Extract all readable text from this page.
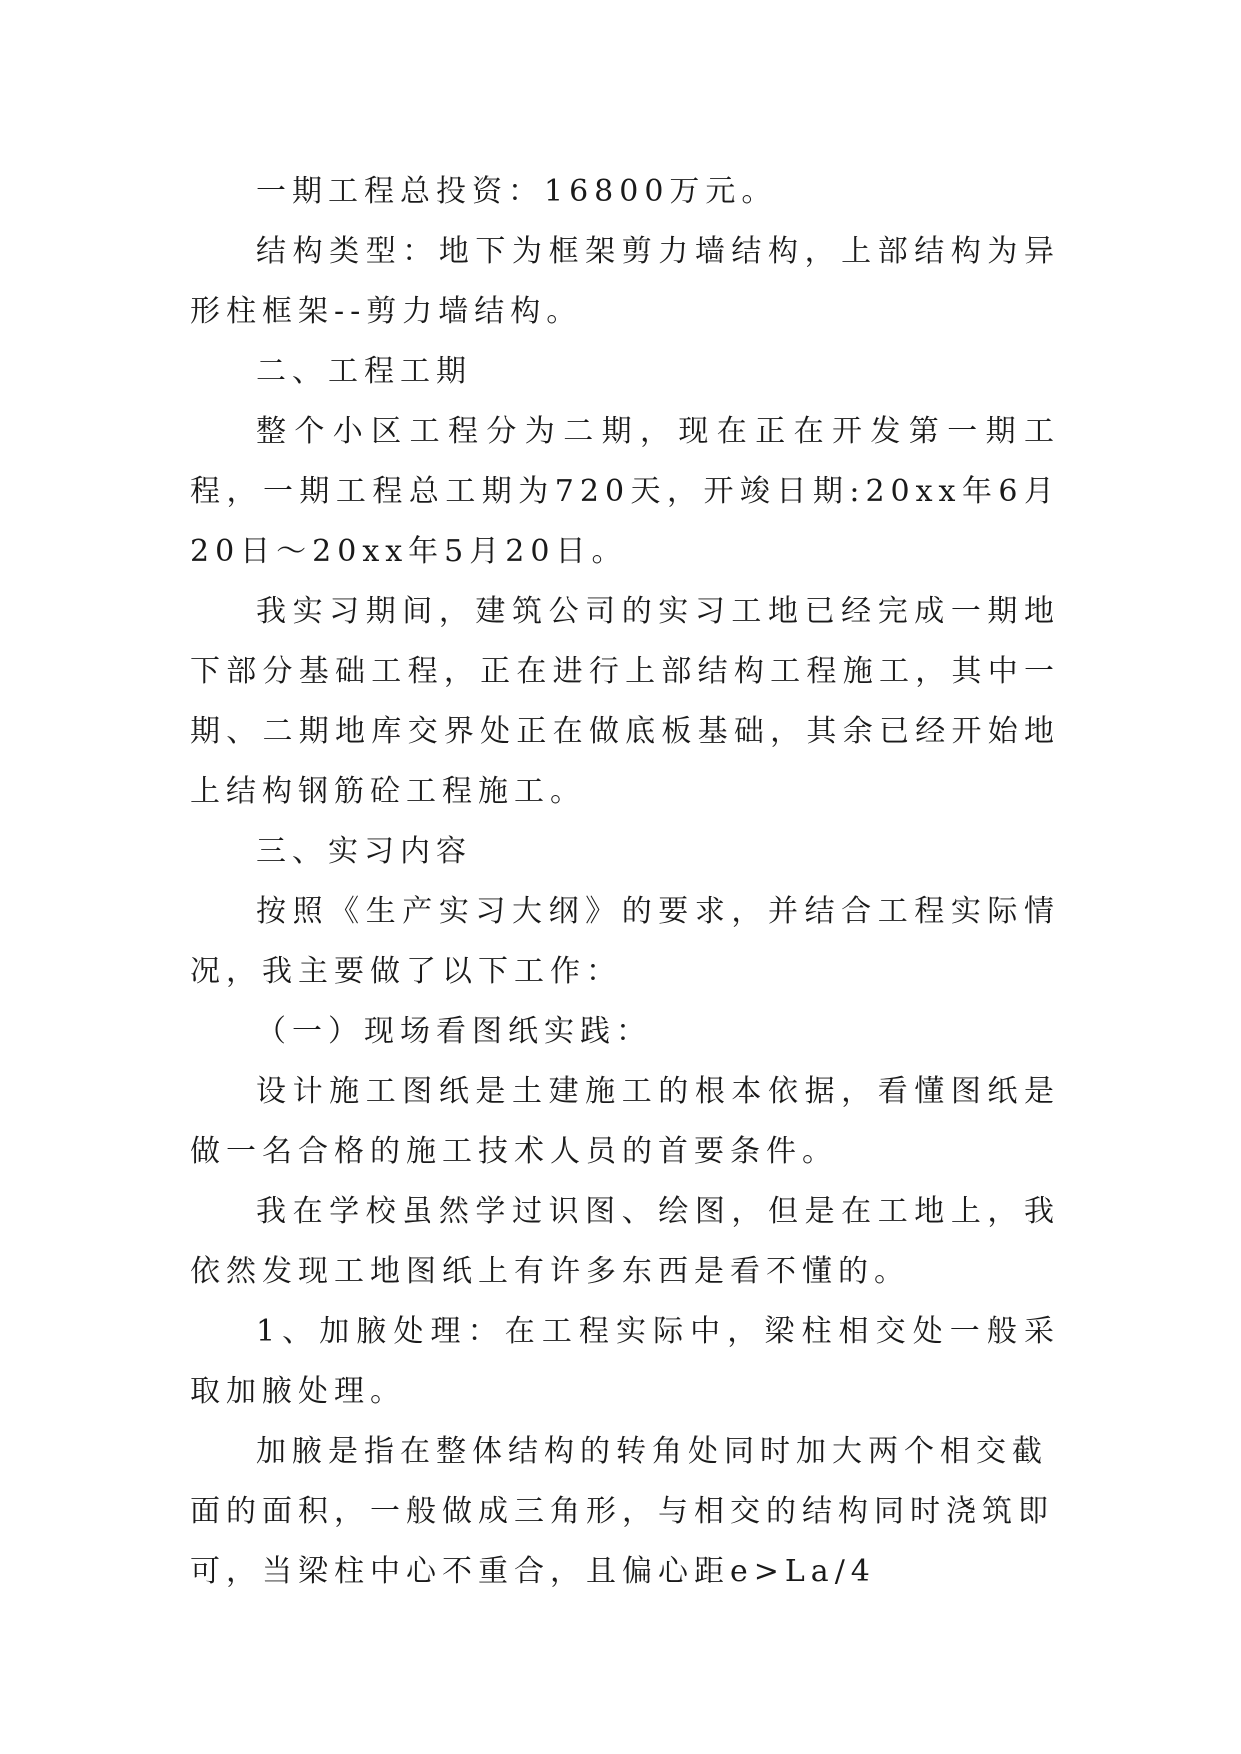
一期工程总投资：16800万元。

结构类型：地下为框架剪力墙结构，上部结构为异形柱框架--剪力墙结构。

二、工程工期

整个小区工程分为二期，现在正在开发第一期工程，一期工程总工期为720天，开竣日期:20xx年6月20日～20xx年5月20日。

我实习期间，建筑公司的实习工地已经完成一期地下部分基础工程，正在进行上部结构工程施工，其中一期、二期地库交界处正在做底板基础，其余已经开始地上结构钢筋砼工程施工。

三、实习内容

按照《生产实习大纲》的要求，并结合工程实际情况，我主要做了以下工作：

（一）现场看图纸实践：

设计施工图纸是土建施工的根本依据，看懂图纸是做一名合格的施工技术人员的首要条件。

我在学校虽然学过识图、绘图，但是在工地上，我依然发现工地图纸上有许多东西是看不懂的。

1、加腋处理：在工程实际中，梁柱相交处一般采取加腋处理。

加腋是指在整体结构的转角处同时加大两个相交截面的面积，一般做成三角形，与相交的结构同时浇筑即可，当梁柱中心不重合，且偏心距e>La/4
